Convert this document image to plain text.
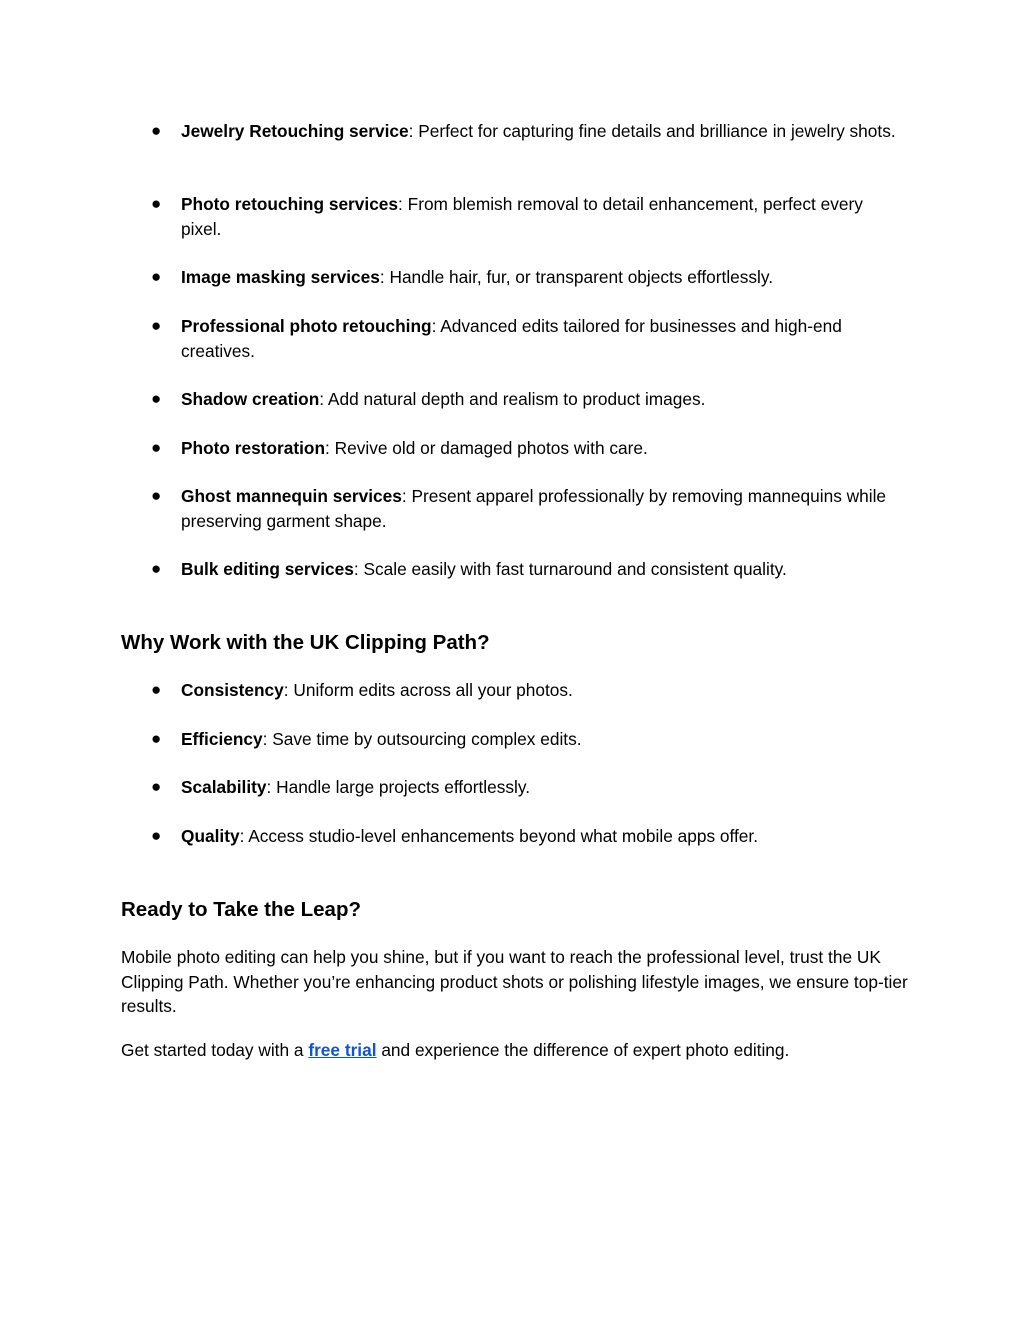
● Jewelry Retouching service: Perfect for capturing fine details and brilliance in jewelry shots.
● Photo retouching services: From blemish removal to detail enhancement, perfect every pixel.
● Image masking services: Handle hair, fur, or transparent objects effortlessly.
● Professional photo retouching: Advanced edits tailored for businesses and high-end creatives.
● Shadow creation: Add natural depth and realism to product images.
● Photo restoration: Revive old or damaged photos with care.
● Ghost mannequin services: Present apparel professionally by removing mannequins while preserving garment shape.
● Bulk editing services: Scale easily with fast turnaround and consistent quality.
Why Work with the UK Clipping Path?
● Consistency: Uniform edits across all your photos.
● Efficiency: Save time by outsourcing complex edits.
● Scalability: Handle large projects effortlessly.
● Quality: Access studio-level enhancements beyond what mobile apps offer.
Ready to Take the Leap?

Mobile photo editing can help you shine, but if you want to reach the professional level, trust the UK Clipping Path. Whether you’re enhancing product shots or polishing lifestyle images, we ensure top-tier results.

Get started today with a free trial and experience the difference of expert photo editing.
